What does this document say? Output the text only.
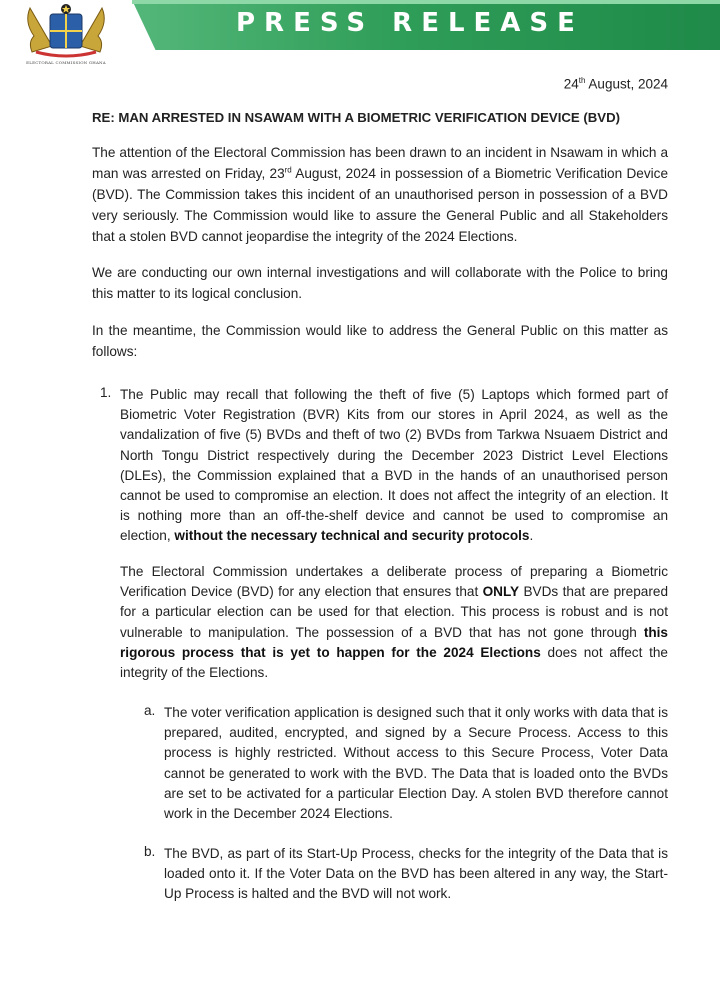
ELECTORAL COMMISSION GHANA
PRESS RELEASE
24th August, 2024
RE: MAN ARRESTED IN NSAWAM WITH A BIOMETRIC VERIFICATION DEVICE (BVD)
The attention of the Electoral Commission has been drawn to an incident in Nsawam in which a man was arrested on Friday, 23rd August, 2024 in possession of a Biometric Verification Device (BVD). The Commission takes this incident of an unauthorised person in possession of a BVD very seriously. The Commission would like to assure the General Public and all Stakeholders that a stolen BVD cannot jeopardise the integrity of the 2024 Elections.
We are conducting our own internal investigations and will collaborate with the Police to bring this matter to its logical conclusion.
In the meantime, the Commission would like to address the General Public on this matter as follows:
1. The Public may recall that following the theft of five (5) Laptops which formed part of Biometric Voter Registration (BVR) Kits from our stores in April 2024, as well as the vandalization of five (5) BVDs and theft of two (2) BVDs from Tarkwa Nsuaem District and North Tongu District respectively during the December 2023 District Level Elections (DLEs), the Commission explained that a BVD in the hands of an unauthorised person cannot be used to compromise an election. It does not affect the integrity of an election. It is nothing more than an off-the-shelf device and cannot be used to compromise an election, without the necessary technical and security protocols.
The Electoral Commission undertakes a deliberate process of preparing a Biometric Verification Device (BVD) for any election that ensures that ONLY BVDs that are prepared for a particular election can be used for that election. This process is robust and is not vulnerable to manipulation. The possession of a BVD that has not gone through this rigorous process that is yet to happen for the 2024 Elections does not affect the integrity of the Elections.
a. The voter verification application is designed such that it only works with data that is prepared, audited, encrypted, and signed by a Secure Process. Access to this process is highly restricted. Without access to this Secure Process, Voter Data cannot be generated to work with the BVD. The Data that is loaded onto the BVDs are set to be activated for a particular Election Day. A stolen BVD therefore cannot work in the December 2024 Elections.
b. The BVD, as part of its Start-Up Process, checks for the integrity of the Data that is loaded onto it. If the Voter Data on the BVD has been altered in any way, the Start-Up Process is halted and the BVD will not work.
